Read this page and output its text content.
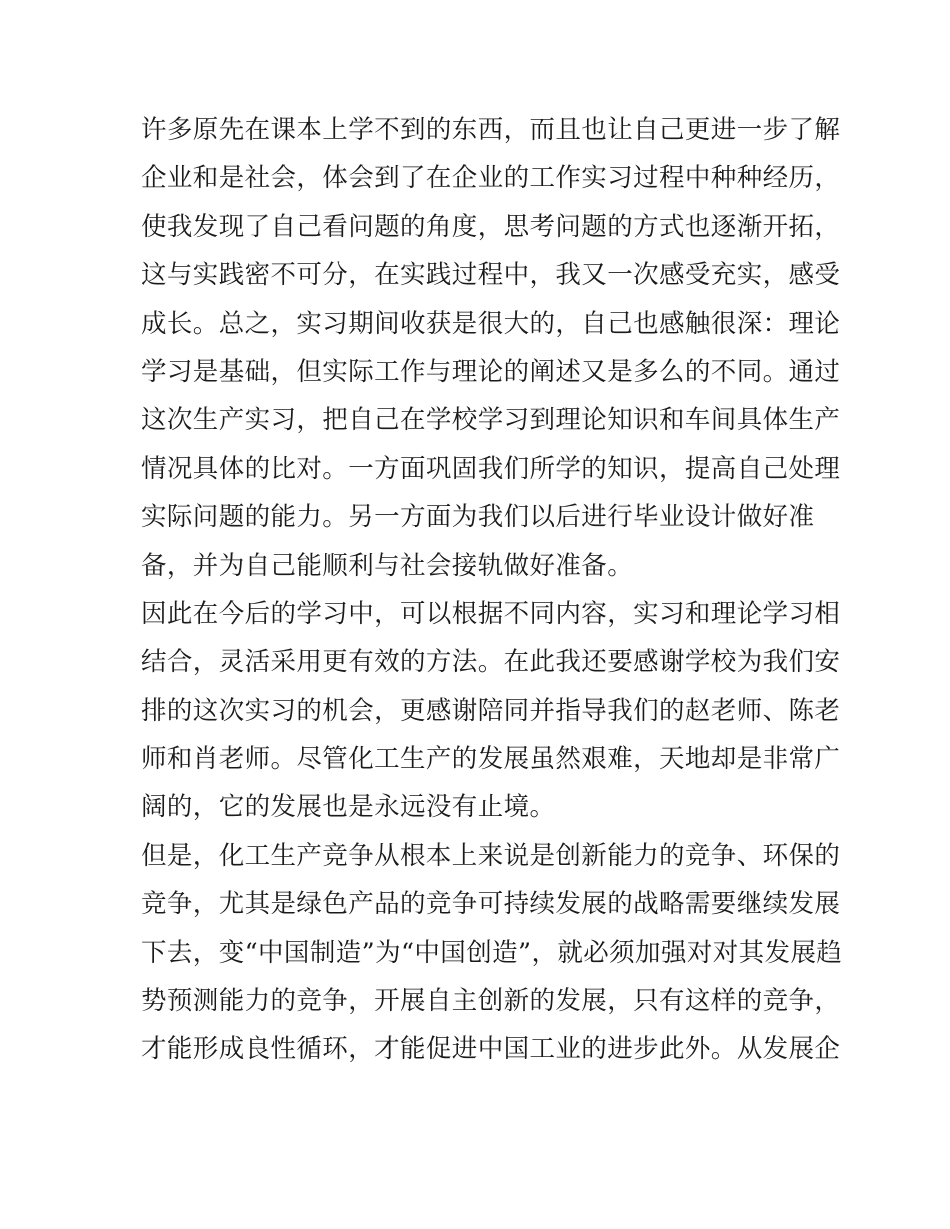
许多原先在课本上学不到的东西，而且也让自己更进一步了解
企业和是社会，体会到了在企业的工作实习过程中种种经历，
使我发现了自己看问题的角度，思考问题的方式也逐渐开拓，
这与实践密不可分，在实践过程中，我又一次感受充实，感受
成长。总之，实习期间收获是很大的，自己也感触很深：理论
学习是基础，但实际工作与理论的阐述又是多么的不同。通过
这次生产实习，把自己在学校学习到理论知识和车间具体生产
情况具体的比对。一方面巩固我们所学的知识，提高自己处理
实际问题的能力。另一方面为我们以后进行毕业设计做好准
备，并为自己能顺利与社会接轨做好准备。
因此在今后的学习中，可以根据不同内容，实习和理论学习相
结合，灵活采用更有效的方法。在此我还要感谢学校为我们安
排的这次实习的机会，更感谢陪同并指导我们的赵老师、陈老
师和肖老师。尽管化工生产的发展虽然艰难，天地却是非常广
阔的，它的发展也是永远没有止境。
但是，化工生产竞争从根本上来说是创新能力的竞争、环保的
竞争，尤其是绿色产品的竞争可持续发展的战略需要继续发展
下去，变“中国制造”为“中国创造”，就必须加强对对其发展趋
势预测能力的竞争，开展自主创新的发展，只有这样的竞争，
才能形成良性循环，才能促进中国工业的进步此外。从发展企
